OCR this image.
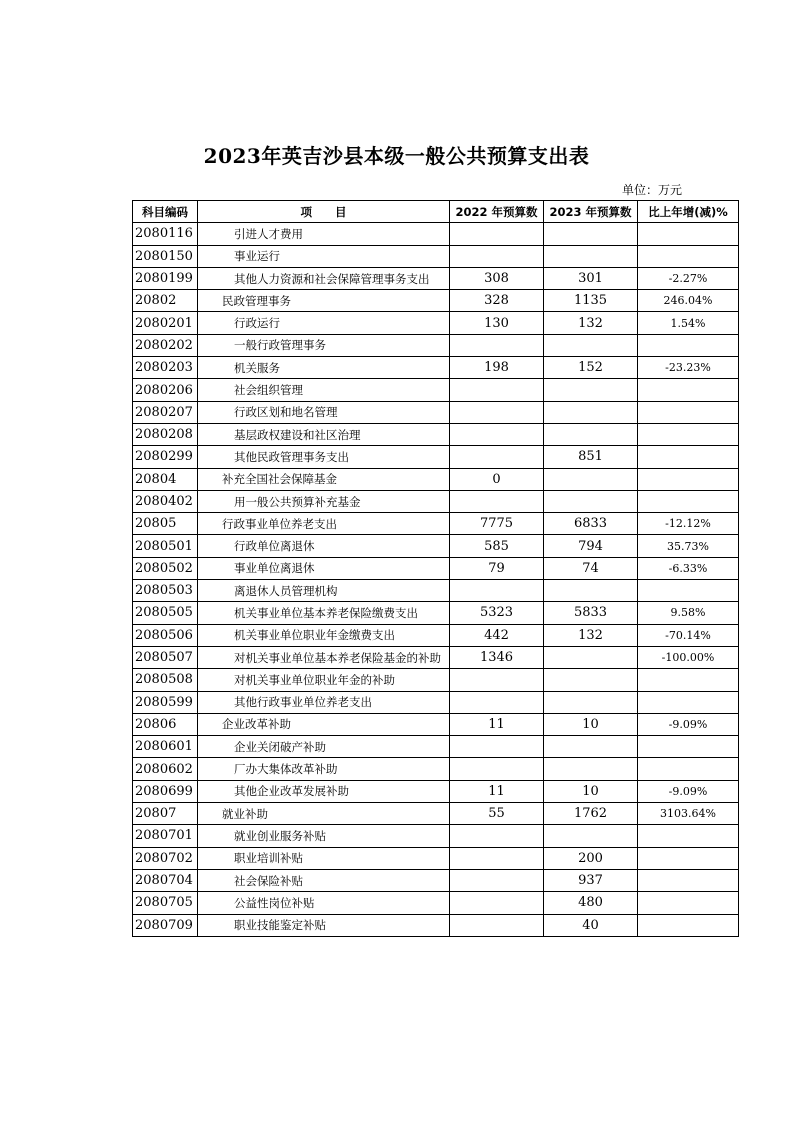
2023年英吉沙县本级一般公共预算支出表
单位：万元
科目编码	项　　目	2022 年预算数	2023 年预算数	比上年增(减)%
2080116	引进人才费用			
2080150	事业运行			
2080199	其他人力资源和社会保障管理事务支出	308	301	-2.27%
20802	民政管理事务	328	1135	246.04%
2080201	行政运行	130	132	1.54%
2080202	一般行政管理事务			
2080203	机关服务	198	152	-23.23%
2080206	社会组织管理			
2080207	行政区划和地名管理			
2080208	基层政权建设和社区治理			
2080299	其他民政管理事务支出		851	
20804	补充全国社会保障基金	0		
2080402	用一般公共预算补充基金			
20805	行政事业单位养老支出	7775	6833	-12.12%
2080501	行政单位离退休	585	794	35.73%
2080502	事业单位离退休	79	74	-6.33%
2080503	离退休人员管理机构			
2080505	机关事业单位基本养老保险缴费支出	5323	5833	9.58%
2080506	机关事业单位职业年金缴费支出	442	132	-70.14%
2080507	对机关事业单位基本养老保险基金的补助	1346		-100.00%
2080508	对机关事业单位职业年金的补助			
2080599	其他行政事业单位养老支出			
20806	企业改革补助	11	10	-9.09%
2080601	企业关闭破产补助			
2080602	厂办大集体改革补助			
2080699	其他企业改革发展补助	11	10	-9.09%
20807	就业补助	55	1762	3103.64%
2080701	就业创业服务补贴			
2080702	职业培训补贴		200	
2080704	社会保险补贴		937	
2080705	公益性岗位补贴		480	
2080709	职业技能鉴定补贴		40	
